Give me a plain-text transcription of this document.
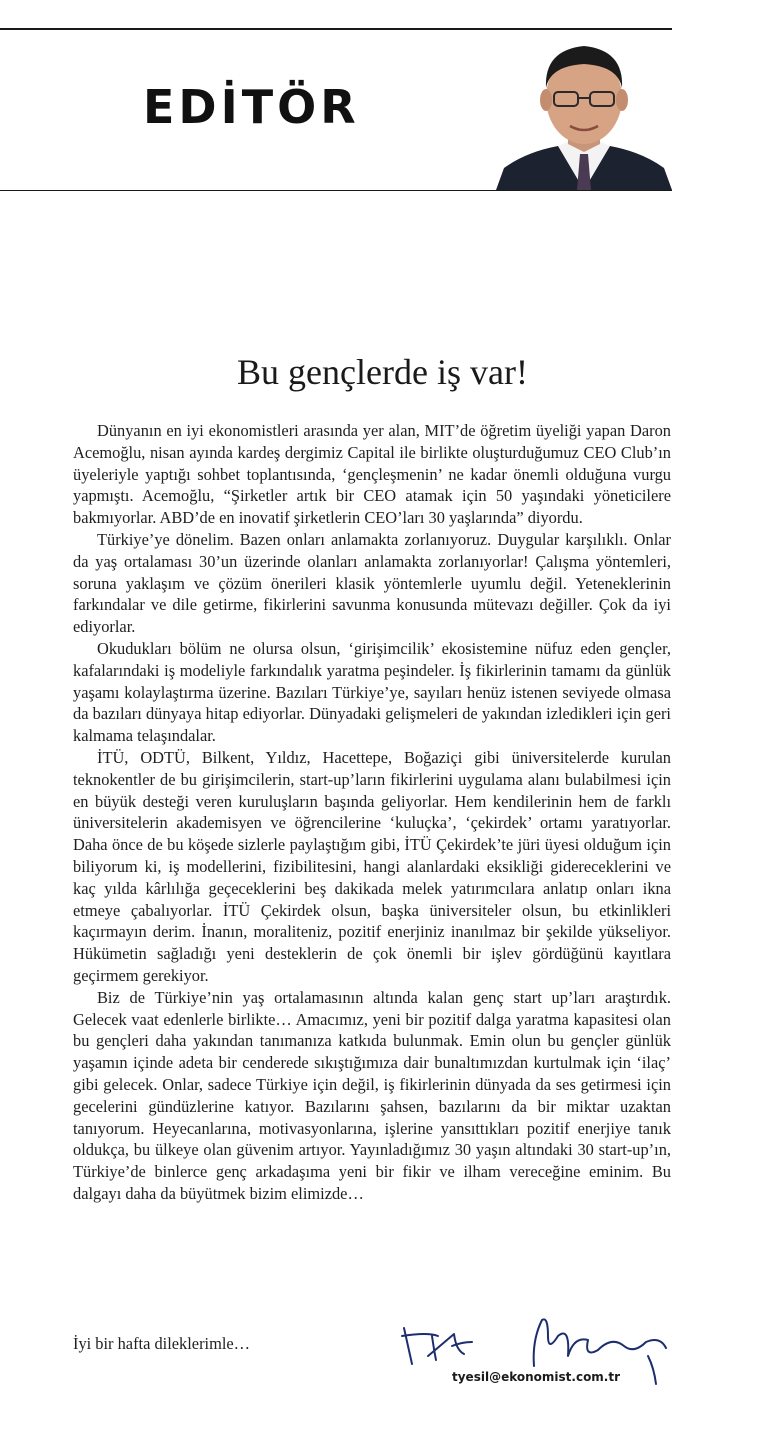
EDİTÖR
Bu gençlerde iş var!

Dünyanın en iyi ekonomistleri arasında yer alan, MIT’de öğretim üyeliği yapan Daron Acemoğlu, nisan ayında kardeş dergimiz Capital ile birlikte oluşturduğumuz CEO Club’ın üyeleriyle yaptığı sohbet toplantısında, ‘gençleşmenin’ ne kadar önemli olduğuna vurgu yapmıştı. Acemoğlu, “Şirketler artık bir CEO atamak için 50 yaşındaki yöneticilere bakmıyorlar. ABD’de en inovatif şirketlerin CEO’ları 30 yaşlarında” diyordu.

Türkiye’ye dönelim. Bazen onları anlamakta zorlanıyoruz. Duygular karşılıklı. Onlar da yaş ortalaması 30’un üzerinde olanları anlamakta zorlanıyorlar! Çalışma yöntemleri, soruna yaklaşım ve çözüm önerileri klasik yöntemlerle uyumlu değil. Yeteneklerinin farkındalar ve dile getirme, fikirlerini savunma konusunda mütevazı değiller. Çok da iyi ediyorlar.

Okudukları bölüm ne olursa olsun, ‘girişimcilik’ ekosistemine nüfuz eden gençler, kafalarındaki iş modeliyle farkındalık yaratma peşindeler. İş fikirlerinin tamamı da günlük yaşamı kolaylaştırma üzerine. Bazıları Türkiye’ye, sayıları henüz istenen seviyede olmasa da bazıları dünyaya hitap ediyorlar. Dünyadaki gelişmeleri de yakından izledikleri için geri kalmama telaşındalar.

İTÜ, ODTÜ, Bilkent, Yıldız, Hacettepe, Boğaziçi gibi üniversitelerde kurulan teknokentler de bu girişimcilerin, start-up’ların fikirlerini uygulama alanı bulabilmesi için en büyük desteği veren kuruluşların başında geliyorlar. Hem kendilerinin hem de farklı üniversitelerin akademisyen ve öğrencilerine ‘kuluçka’, ‘çekirdek’ ortamı yaratıyorlar. Daha önce de bu köşede sizlerle paylaştığım gibi, İTÜ Çekirdek’te jüri üyesi olduğum için biliyorum ki, iş modellerini, fizibilitesini, hangi alanlardaki eksikliği gidereceklerini ve kaç yılda kârlılığa geçeceklerini beş dakikada melek yatırımcılara anlatıp onları ikna etmeye çabalıyorlar. İTÜ Çekirdek olsun, başka üniversiteler olsun, bu etkinlikleri kaçırmayın derim. İnanın, moraliteniz, pozitif enerjiniz inanılmaz bir şekilde yükseliyor. Hükümetin sağladığı yeni desteklerin de çok önemli bir işlev gördüğünü kayıtlara geçirmem gerekiyor.

Biz de Türkiye’nin yaş ortalamasının altında kalan genç start up’ları araştırdık. Gelecek vaat edenlerle birlikte… Amacımız, yeni bir pozitif dalga yaratma kapasitesi olan bu gençleri daha yakından tanımanıza katkıda bulunmak. Emin olun bu gençler günlük yaşamın içinde adeta bir cenderede sıkıştığımıza dair bunaltımızdan kurtulmak için ‘ilaç’ gibi gelecek. Onlar, sadece Türkiye için değil, iş fikirlerinin dünyada da ses getirmesi için gecelerini gündüzlerine katıyor. Bazılarını şahsen, bazılarını da bir miktar uzaktan tanıyorum. Heyecanlarına, motivasyonlarına, işlerine yansıttıkları pozitif enerjiye tanık oldukça, bu ülkeye olan güvenim artıyor. Yayınladığımız 30 yaşın altındaki 30 start-up’ın, Türkiye’de binlerce genç arkadaşıma yeni bir fikir ve ilham vereceğine eminim. Bu dalgayı daha da büyütmek bizim elimizde…

İyi bir hafta dileklerimle…
tyesil@ekonomist.com.tr
